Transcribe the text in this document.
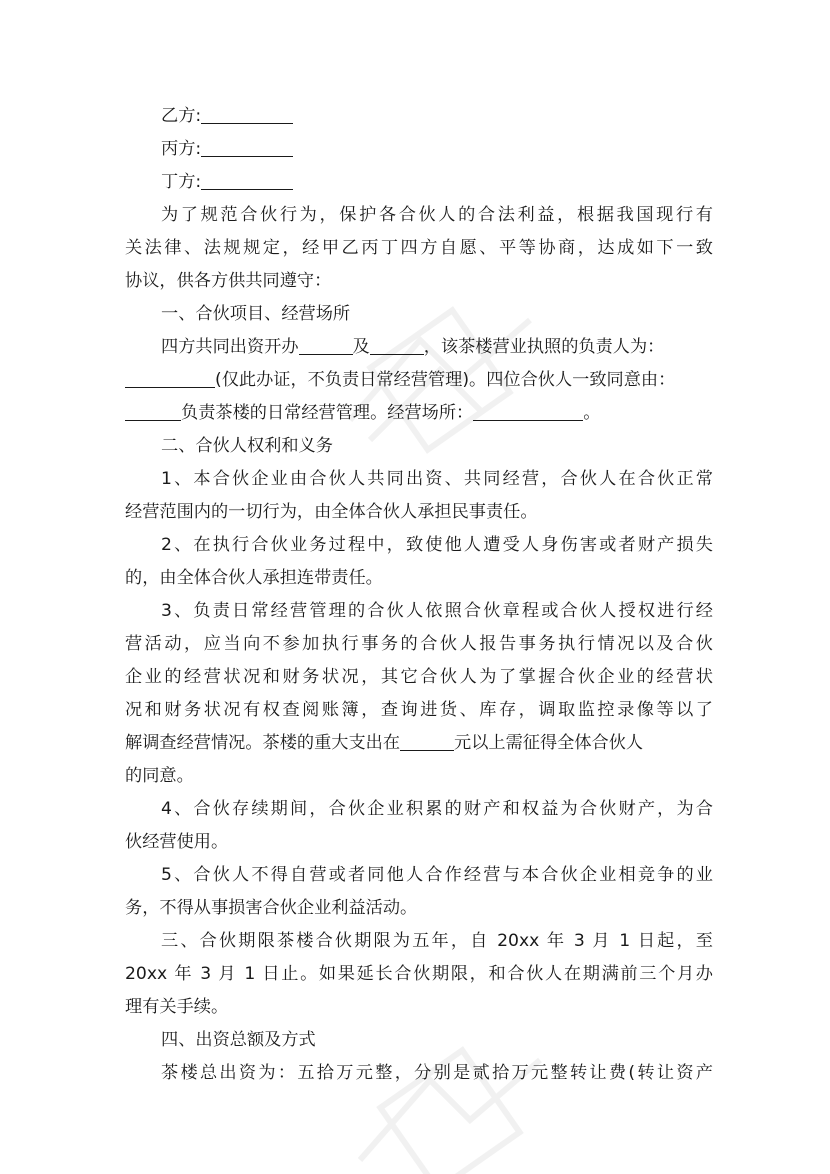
乙方:
丙方:
丁方:
为了规范合伙行为，保护各合伙人的合法利益，根据我国现行有
关法律、法规规定，经甲乙丙丁四方自愿、平等协商，达成如下一致
协议，供各方供共同遵守：
一、合伙项目、经营场所
四方共同出资开办	及	，该茶楼营业执照的负责人为：
(仅此办证，不负责日常经营管理)。四位合伙人一致同意由：
负责茶楼的日常经营管理。经营场所：	。
二、合伙人权利和义务
1、本合伙企业由合伙人共同出资、共同经营，合伙人在合伙正常
经营范围内的一切行为，由全体合伙人承担民事责任。
2、在执行合伙业务过程中，致使他人遭受人身伤害或者财产损失
的，由全体合伙人承担连带责任。
3、负责日常经营管理的合伙人依照合伙章程或合伙人授权进行经
营活动，应当向不参加执行事务的合伙人报告事务执行情况以及合伙
企业的经营状况和财务状况，其它合伙人为了掌握合伙企业的经营状
况和财务状况有权查阅账簿，查询进货、库存，调取监控录像等以了
解调查经营情况。茶楼的重大支出在	元以上需征得全体合伙人
的同意。
4、合伙存续期间，合伙企业积累的财产和权益为合伙财产，为合
伙经营使用。
5、合伙人不得自营或者同他人合作经营与本合伙企业相竞争的业
务，不得从事损害合伙企业利益活动。
三、合伙期限茶楼合伙期限为五年，自 20xx 年 3 月 1 日起，至
20xx 年 3 月 1 日止。如果延长合伙期限，和合伙人在期满前三个月办
理有关手续。
四、出资总额及方式
茶楼总出资为：五拾万元整，分别是贰拾万元整转让费(转让资产
